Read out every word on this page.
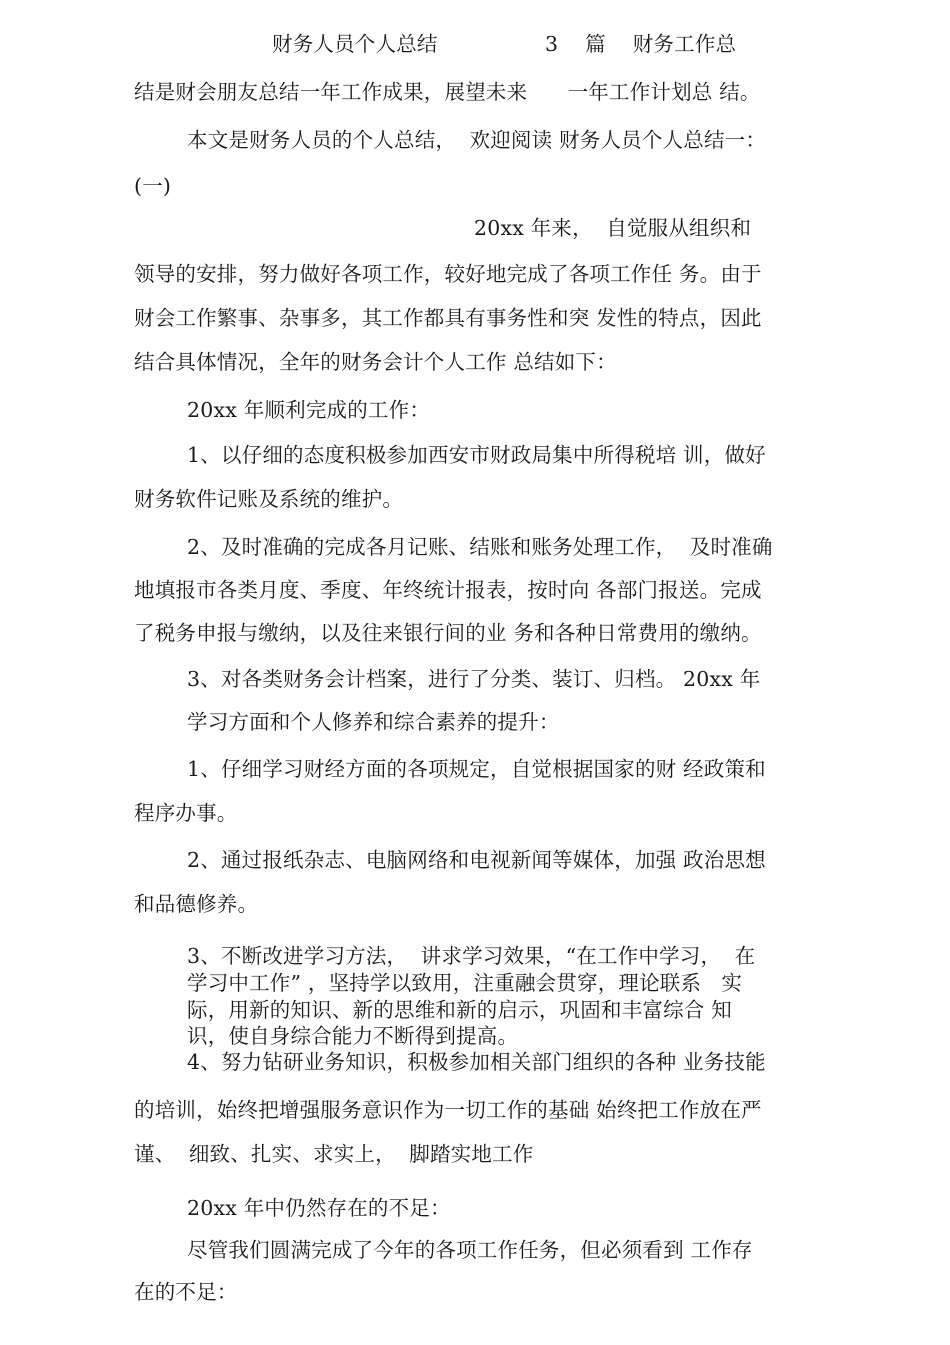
财务人员个人总结                3    篇    财务工作总
结是财会朋友总结一年工作成果，展望未来      一年工作计划总 结。
本文是财务人员的个人总结，  欢迎阅读 财务人员个人总结一：
(一)
20xx 年来，  自觉服从组织和
领导的安排，努力做好各项工作，较好地完成了各项工作任 务。由于
财会工作繁事、杂事多，其工作都具有事务性和突 发性的特点，因此
结合具体情况，全年的财务会计个人工作 总结如下：
20xx 年顺利完成的工作：
1、以仔细的态度积极参加西安市财政局集中所得税培 训，做好
财务软件记账及系统的维护。
2、及时准确的完成各月记账、结账和账务处理工作，  及时准确
地填报市各类月度、季度、年终统计报表，按时向 各部门报送。完成
了税务申报与缴纳，以及往来银行间的业 务和各种日常费用的缴纳。
3、对各类财务会计档案，进行了分类、装订、归档。 20xx 年
学习方面和个人修养和综合素养的提升：
1、仔细学习财经方面的各项规定，自觉根据国家的财 经政策和
程序办事。
2、通过报纸杂志、电脑网络和电视新闻等媒体，加强 政治思想
和品德修养。
3、不断改进学习方法，  讲求学习效果，“在工作中学习，  在
学习中工作” ，坚持学以致用，注重融会贯穿，理论联系   实
际，用新的知识、新的思维和新的启示，巩固和丰富综合 知
识，使自身综合能力不断得到提高。
4、努力钻研业务知识，积极参加相关部门组织的各种 业务技能
的培训，始终把增强服务意识作为一切工作的基础 始终把工作放在严
谨、  细致、扎实、求实上，  脚踏实地工作
20xx 年中仍然存在的不足：
尽管我们圆满完成了今年的各项工作任务，但必须看到 工作存
在的不足：
